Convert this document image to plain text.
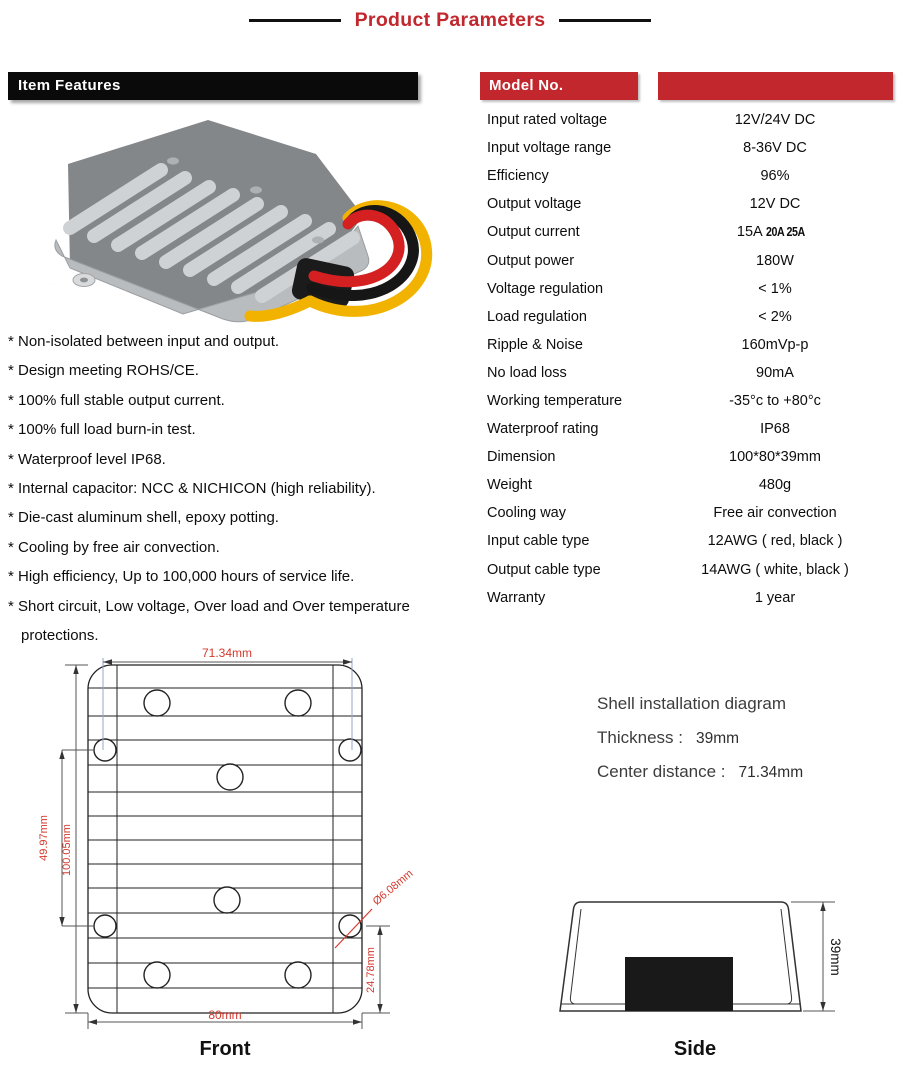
Product Parameters
Item Features
* Non-isolated between input and output.
* Design meeting ROHS/CE.
* 100% full stable output current.
* 100% full load burn-in test.
* Waterproof level IP68.
* Internal capacitor: NCC & NICHICON (high reliability).
* Die-cast aluminum shell, epoxy potting.
* Cooling by free air convection.
* High efficiency, Up to 100,000 hours of service life.
* Short circuit, Low voltage, Over load and Over temperature protections.
Model No.
Input rated voltage	12V/24V DC
Input voltage range	8-36V DC
Efficiency	96%
Output voltage	12V DC
Output current	15A 20A 25A
Output power	180W
Voltage regulation	< 1%
Load regulation	< 2%
Ripple & Noise	160mVp-p
No load loss	90mA
Working temperature	-35°c to +80°c
Waterproof rating	IP68
Dimension	100*80*39mm
Weight	480g
Cooling way	Free air convection
Input cable type	12AWG ( red, black )
Output cable type	14AWG ( white, black )
Warranty	1 year
Shell installation diagram
Thickness : 39mm
Center distance : 71.34mm
71.34mm
80mm
49.97mm 100.05mm
Ø6.08mm
24.78mm	39mm
Front	Side
